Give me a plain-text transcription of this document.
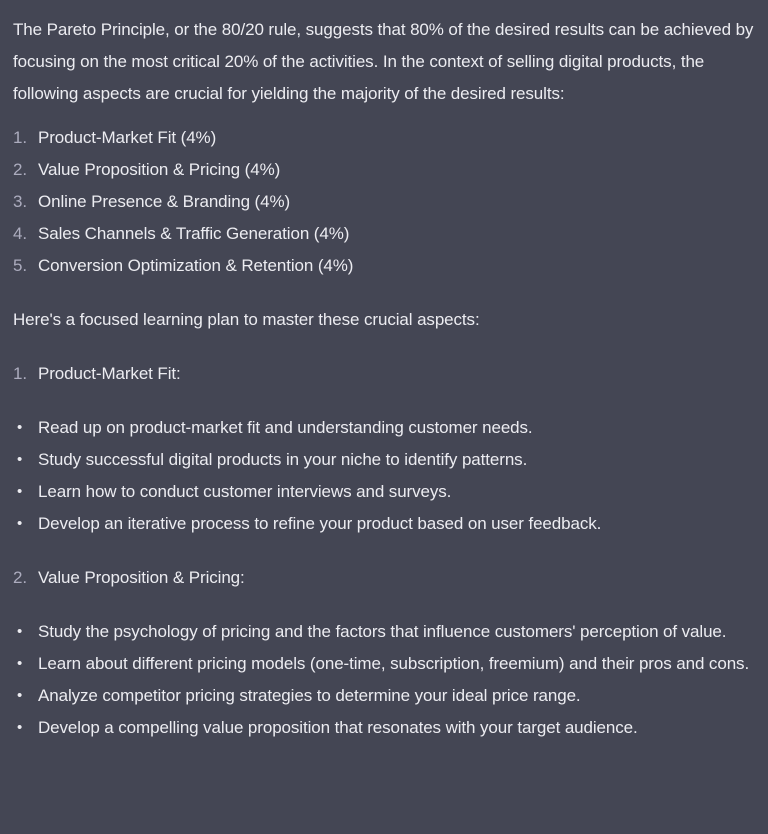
The Pareto Principle, or the 80/20 rule, suggests that 80% of the desired results can be achieved by focusing on the most critical 20% of the activities. In the context of selling digital products, the following aspects are crucial for yielding the majority of the desired results:

1. Product-Market Fit (4%)
2. Value Proposition & Pricing (4%)
3. Online Presence & Branding (4%)
4. Sales Channels & Traffic Generation (4%)
5. Conversion Optimization & Retention (4%)

Here's a focused learning plan to master these crucial aspects:

1. Product-Market Fit:
• Read up on product-market fit and understanding customer needs.
• Study successful digital products in your niche to identify patterns.
• Learn how to conduct customer interviews and surveys.
• Develop an iterative process to refine your product based on user feedback.
2. Value Proposition & Pricing:
• Study the psychology of pricing and the factors that influence customers' perception of value.
• Learn about different pricing models (one-time, subscription, freemium) and their pros and cons.
• Analyze competitor pricing strategies to determine your ideal price range.
• Develop a compelling value proposition that resonates with your target audience.
